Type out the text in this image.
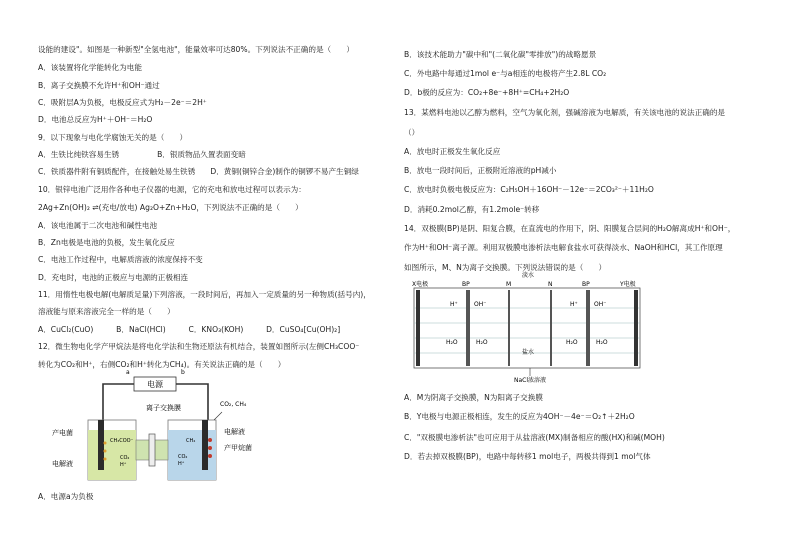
设能的建设"。如图是一种新型"全氢电池"，能量效率可达80%。下列说法不正确的是（　　）
A．该装置将化学能转化为电能
B．离子交换膜不允许H⁺和OH⁻通过
C．吸附层A为负极，电极反应式为H₂－2e⁻＝2H⁺
D．电池总反应为H⁺＋OH⁻＝H₂O
9．以下现象与电化学腐蚀无关的是（　　）
A．生铁比纯铁容易生锈　　　　　B．银质物品久置表面变暗
C．铁质器件附有铜质配件，在接触处易生铁锈　　D．黄铜(铜锌合金)制作的铜锣不易产生铜绿
10．银锌电池广泛用作各种电子仪器的电源，它的充电和放电过程可以表示为：
2Ag+Zn(OH)₂ ⇌(充电/放电) Ag₂O+Zn+H₂O，下列说法不正确的是（　　）
A．该电池属于二次电池和碱性电池
B．Zn电极是电池的负极，发生氧化反应
C．电池工作过程中，电解质溶液的浓度保持不变
D．充电时，电池的正极应与电源的正极相连
11．用惰性电极电解(电解质足量)下列溶液，一段时间后，再加入一定质量的另一种物质(括号内)，
溶液能与原来溶液完全一样的是（　　）
A．CuCl₂(CuO)　　　B．NaCl(HCl)　　　C．KNO₃(KOH)　　　D．CuSO₄[Cu(OH)₂]
12．微生物电化学产甲烷法是将电化学法和生物还原法有机结合，装置如图所示(左侧CH₃COO⁻
转化为CO₂和H⁺，右侧CO₂和H⁺转化为CH₄)。有关说法正确的是（　　）
电源
a	b
CH₃COO⁻
CO₂
H⁺
CH₄
CO₂
H⁺
离子交换膜
产电菌
电解液
电解液
产甲烷菌
CO₂, CH₄
A．电源a为负极
B．该技术能助力"碳中和"(二氧化碳"零排放")的战略愿景
C．外电路中每通过1mol e⁻与a相连的电极将产生2.8L CO₂
D．b极的反应为：CO₂+8e⁻+8H⁺=CH₄+2H₂O
13．某燃料电池以乙醇为燃料，空气为氧化剂，强碱溶液为电解质，有关该电池的说法正确的是
（）
A．放电时正极发生氧化反应
B．放电一段时间后，正极附近溶液的pH减小
C．放电时负极电极反应为：C₂H₅OH＋16OH⁻－12e⁻＝2CO₃²⁻＋11H₂O
D．消耗0.2mol乙醇，有1.2mole⁻转移
14．双极膜(BP)是阴、阳复合膜，在直流电的作用下，阴、阳膜复合层间的H₂O解离成H⁺和OH⁻，
作为H⁺和OH⁻离子源。利用双极膜电渗析法电解食盐水可获得淡水、NaOH和HCl，其工作原理
如图所示，M、N为离子交换膜。下列说法错误的是（　　）
X电极	Y电极
BP	BP
M	N
淡水
盐水
NaCl浓溶液
H⁺	OH⁻	H⁺	OH⁻
H₂O	H₂O	H₂O	H₂O
A．M为阴离子交换膜，N为阳离子交换膜
B．Y电极与电源正极相连，发生的反应为4OH⁻－4e⁻＝O₂↑＋2H₂O
C．"双极膜电渗析法"也可应用于从盐溶液(MX)制备相应的酸(HX)和碱(MOH)
D．若去掉双极膜(BP)，电路中每转移1 mol电子，两极共得到1 mol气体
